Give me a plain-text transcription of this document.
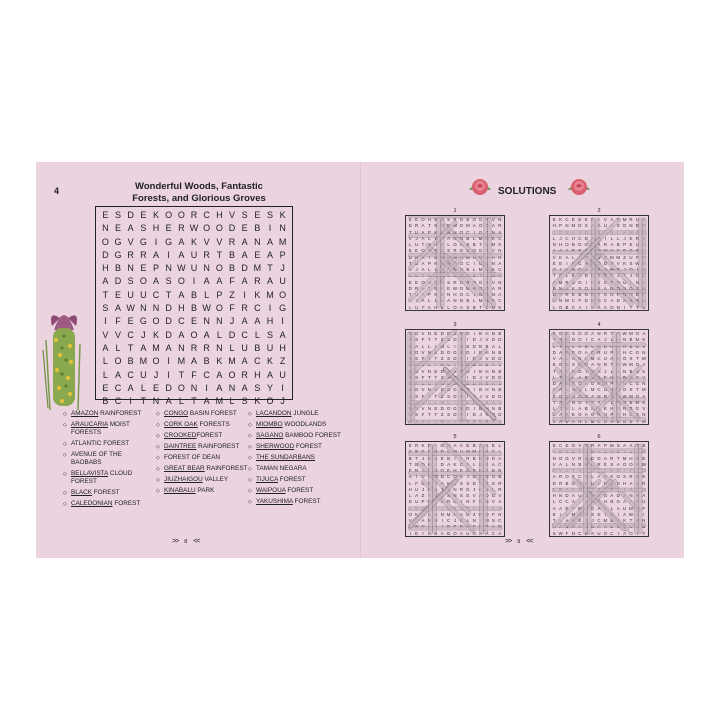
4	Wonderful Woods, Fantastic
Forests, and Glorious Groves
E S D E K O O R C H V S E S K
N E A S H E R W O O D E B I N
O G V G I G A K V V R A N A M
D G R R A I A U R T B A E A P
H B N E P N W U N O B D M T J
A D S O A S O I A A F A R A U
T E U U C T A B L P Z I K M O
S A W N N D H B W O F R C I G
I F E G O D C E N N J A A H I
V V C J K D A O A L D C L S A
A L T A M A N R R N L U B U H
L O B M O I M A B K M A C K Z
L A C U J	I T F C A O R H A U
E C A L E D O N I A N A S Y I
B C I T N A L T A M L S K O J
◇ AMAZON RAINFOREST
◇ ARAUCARIA MOIST FORESTS
◇ ATLANTIC FOREST
◇ AVENUE OF THE BAOBABS
◇ BELLAVISTA CLOUD FOREST
◇ BLACK FOREST
◇ CALEDONIAN FOREST
◇ CONGO BASIN FOREST
◇ CORK OAK FORESTS
◇ CROOKEDFOREST
◇ DAINTREE RAINFOREST
◇ FOREST OF DEAN
◇ GREAT BEAR RAINFOREST
◇ JIUZHAIGOU VALLEY
◇ KINABALU PARK
◇ LACANDON JUNGLE
◇ MIOMBO WOODLANDS
◇ SAGANO BAMBOO FOREST
◇ SHERWOOD FOREST
◇ THE SUNDARBANS
◇ TAMAN NEGARA
◇ TIJUCA FOREST
◇ WAIPOUA FOREST
◇ YAKUSHIMA FOREST
>> 8 <<
SOLUTIONS
1
E E O H E N S R O B O G A V N
D R A T E H E W O M A O O A R
T U A P K S N H O C I G C N A
V J A L L A A N N B L M M K C
L U T A H E L O A S B T L M K
E E O H E N S R O B O G A V N
D R A T E H E W O M A O O A R
T U A P K S N H O C I G C N A
V J A L L A A N N B L M M K C
L U T A H E L O A S B T L M K
E E O H E N S R O B O G A V N
D R A T E H E W O M A O O A R
T U A P K S N H O C I G C N A
V J A L L A A N N B L M M K C
L U T A H E L O A S B T L M K
2
E K C E E E O I V A R M R U A
H P N M D S A A U A Z O N B R
I O N A V D L S T N L H M A A
L J C H C D A Y I	L L J E R S
N H O B G G V A R A B P E U D
A A A R E T P M W H F G G E A
V K A L L A N U B M M Z U F R
E E I S C A M O D O V K S W E
O I V N G I	T A N W B J O I A
T C L K A D O I E C J	I	J O C
A M R B O I K K C T O U L N A
B N A K S O H S A R D N G K A
D A R E B N O T S O F U U B I
S N W C F D N H C A D A A R U
L O B C A I A A A O N I	T T S
3
E O V N E D O G R D I B H N B
A S F T T Z S D F	I D J V D D
A A L L	I M L	I O E D N B A L
E O V N E D O G R D I B H N B
A S F T T Z S D F	I D J V D D
A A L L	I M L	I O E D N B A L
E O V N E D O G R D I B H N B
A S F T T Z S D F	I D J V D D
A A L L	I M L	I O E D N B A L
E O V N E D O G R D I B H N B
A S F T T Z S D F	I D J V D D
A A L L	I M L	I O E D N B A L
E O V N E D O G R D I B H N B
A S F T T Z S D F	I D J V D D
A A L L	I M L	I O E D N B A L
4
E O E S O O A N R T H W M O A
T A K N O I C A J L A N B M K
L T H L A B L K E H N R B G V
D A E E O A O R U P S H C G N
V A L A N L M C U A E O S T M
E O E S O O A N R T H W M O A
T A K N O I C A J L A N B M K
L T H L A B L K E H N R B G V
D A E E O A O R U P S H C G N
V A L A N L M C U A E O S T M
E O E S O O A N R T H W M O A
T A K N O I C A J L A N B M K
L T H L A B L K E H N R B G V
D A E E O A O R U P S H C G N
V A L A N L M C U A E O S T M
5
E R K R I G N A A E B S A E L
S B G C H D L M U M M C A C I
B T J O S E B I A R B N O D A
T B O H I D A K C A L B K A C
E N I	L O O E H E G R R T B N
A I U A M D C O A J D T N O B
L F U O Y A K K S S D V V G R
H U J O A T K N R G J C L L R
L A Z T A D S N S E V A O G V
D U P W T S R C I N F E N V A
A R H M K I H E A T L D H E O
O K M A A N M A A U Z W O F N
V O A N U I C J R L N I M S C
N W N A A I E P D O F U P A W
I E I A S A B O A U O A A C A
6
E C E O V R R A P M S A A O B
I N V L T L M A J H D Y L J R
N O G V R B E D A R T M H G E
V A L N B M U R E S A O O K W
O V G T N B O A C K D I C I O
A R O K C O L A N K O S R N K
D R B O S F U I N C D H A A R
L B A A A N T S K E E I A M U
H N D A U Z N R O A D S N H A
L C C A I	L E S H B G A A P U
A A E P W F G A K L A U M Z F
E I C M D V S E I N I A W J	I
T L A O E J J C M B I K T U N
B A S H A D G A A E N T O U B
S W F N C D A U O C I A O I	T
>> 9 <<
